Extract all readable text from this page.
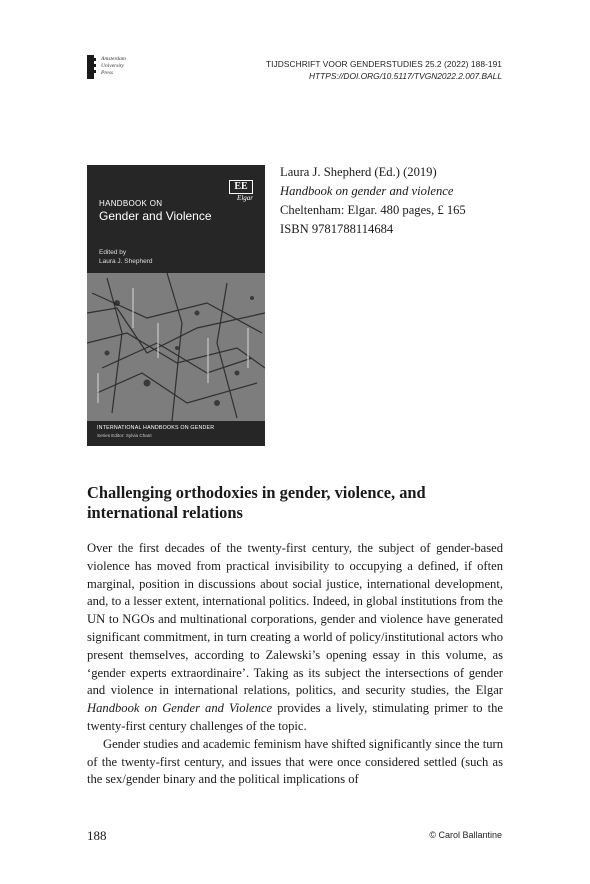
Amsterdam
University
Press
TIJDSCHRIFT VOOR GENDERSTUDIES 25.2 (2022) 188-191
HTTPS://DOI.ORG/10.5117/TVGN2022.2.007.BALL
EE
Elgar
HANDBOOK ON
Gender and Violence
Edited by
Laura J. Shepherd
INTERNATIONAL HANDBOOKS ON GENDER
Series Editor: Sylvia Chant
Laura J. Shepherd (Ed.) (2019)
Handbook on gender and violence
Cheltenham: Elgar. 480 pages, £ 165
ISBN 9781788114684
Challenging orthodoxies in gender, violence, and international relations

Over the first decades of the twenty-first century, the subject of gender-based violence has moved from practical invisibility to occupying a defined, if often marginal, position in discussions about social justice, international development, and, to a lesser extent, international politics. Indeed, in global institutions from the UN to NGOs and multinational corporations, gender and violence have generated significant commitment, in turn creating a world of policy/institutional actors who present themselves, according to Zalewski’s opening essay in this volume, as ‘gender experts extraordinaire’. Taking as its subject the intersections of gender and violence in international relations, politics, and security studies, the Elgar Handbook on Gender and Violence provides a lively, stimulating primer to the twenty-first century challenges of the topic.

Gender studies and academic feminism have shifted significantly since the turn of the twenty-first century, and issues that were once considered settled (such as the sex/gender binary and the political implications of

188	© Carol Ballantine
